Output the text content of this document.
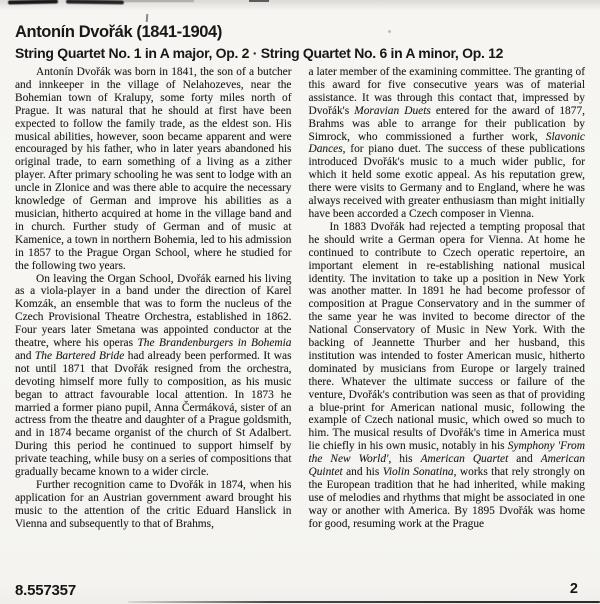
Antonín Dvořák (1841-1904)
String Quartet No. 1 in A major, Op. 2 · String Quartet No. 6 in A minor, Op. 12

Antonín Dvořák was born in 1841, the son of a butcher and innkeeper in the village of Nelahozeves, near the Bohemian town of Kralupy, some forty miles north of Prague. It was natural that he should at first have been expected to follow the family trade, as the eldest son. His musical abilities, however, soon became apparent and were encouraged by his father, who in later years abandoned his original trade, to earn something of a living as a zither player. After primary schooling he was sent to lodge with an uncle in Zlonice and was there able to acquire the necessary knowledge of German and improve his abilities as a musician, hitherto acquired at home in the village band and in church. Further study of German and of music at Kamenice, a town in northern Bohemia, led to his admission in 1857 to the Prague Organ School, where he studied for the following two years.

On leaving the Organ School, Dvořák earned his living as a viola-player in a band under the direction of Karel Komzák, an ensemble that was to form the nucleus of the Czech Provisional Theatre Orchestra, established in 1862. Four years later Smetana was appointed conductor at the theatre, where his operas The Brandenburgers in Bohemia and The Bartered Bride had already been performed. It was not until 1871 that Dvořák resigned from the orchestra, devoting himself more fully to composition, as his music began to attract favourable local attention. In 1873 he married a former piano pupil, Anna Čermáková, sister of an actress from the theatre and daughter of a Prague goldsmith, and in 1874 became organist of the church of St Adalbert. During this period he continued to support himself by private teaching, while busy on a series of compositions that gradually became known to a wider circle.

Further recognition came to Dvořák in 1874, when his application for an Austrian government award brought his music to the attention of the critic Eduard Hanslick in Vienna and subsequently to that of Brahms,

a later member of the examining committee. The granting of this award for five consecutive years was of material assistance. It was through this contact that, impressed by Dvořák's Moravian Duets entered for the award of 1877, Brahms was able to arrange for their publication by Simrock, who commissioned a further work, Slavonic Dances, for piano duet. The success of these publications introduced Dvořák's music to a much wider public, for which it held some exotic appeal. As his reputation grew, there were visits to Germany and to England, where he was always received with greater enthusiasm than might initially have been accorded a Czech composer in Vienna.

In 1883 Dvořák had rejected a tempting proposal that he should write a German opera for Vienna. At home he continued to contribute to Czech operatic repertoire, an important element in re-establishing national musical identity. The invitation to take up a position in New York was another matter. In 1891 he had become professor of composition at Prague Conservatory and in the summer of the same year he was invited to become director of the National Conservatory of Music in New York. With the backing of Jeannette Thurber and her husband, this institution was intended to foster American music, hitherto dominated by musicians from Europe or largely trained there. Whatever the ultimate success or failure of the venture, Dvořák's contribution was seen as that of providing a blue-print for American national music, following the example of Czech national music, which owed so much to him. The musical results of Dvořák's time in America must lie chiefly in his own music, notably in his Symphony 'From the New World', his American Quartet and American Quintet and his Violin Sonatina, works that rely strongly on the European tradition that he had inherited, while making use of melodies and rhythms that might be associated in one way or another with America. By 1895 Dvořák was home for good, resuming work at the Prague

8.557357	2
